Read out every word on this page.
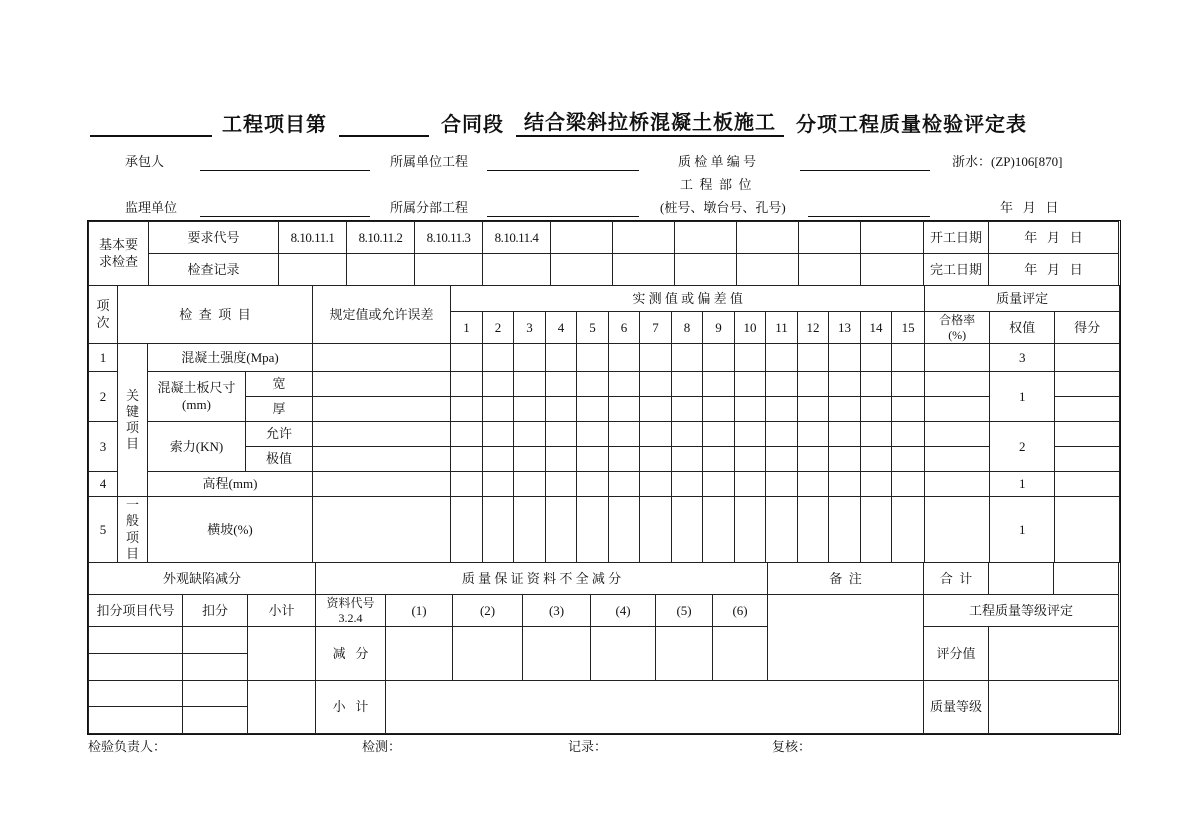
工程项目第	合同段	结合梁斜拉桥混凝土板施工	分项工程质量检验评定表
承包人	所属单位工程	质 检 单 编 号	浙水：(ZP)106[870]
工  程  部  位
监理单位	所属分部工程	(桩号、墩台号、孔号)	年   月   日
基本要求检查	要求代号	8.10.11.1	8.10.11.2	8.10.11.3	8.10.11.4							开工日期	年   月   日
	检查记录											完工日期	年   月   日
项次	检  查  项  目			规定值或允许误差	实 测 值 或 偏 差 值															质量评定		
					1	2	3	4	5	6	7	8	9	10	11	12	13	14	15	合格率(%)	权值	得分
1	关键项目	混凝土强度(Mpa)																			3	
2		混凝土板尺寸(mm)	宽																		1	
			厚																			
3		索力(KN)	允许																		2	
			极值																			
4		高程(mm)																			1	
5	一般项目	横坡(%)																			1	
外观缺陷减分			质 量 保 证 资 料 不 全 减 分							备  注	合  计		
扣分项目代号	扣分	小计	资料代号3.2.4	(1)	(2)	(3)	(4)	(5)	(6)		工程质量等级评定		
			减   分								评分值		

			小   计								质量等级		

检验负责人：	检测：	记录：	复核：
